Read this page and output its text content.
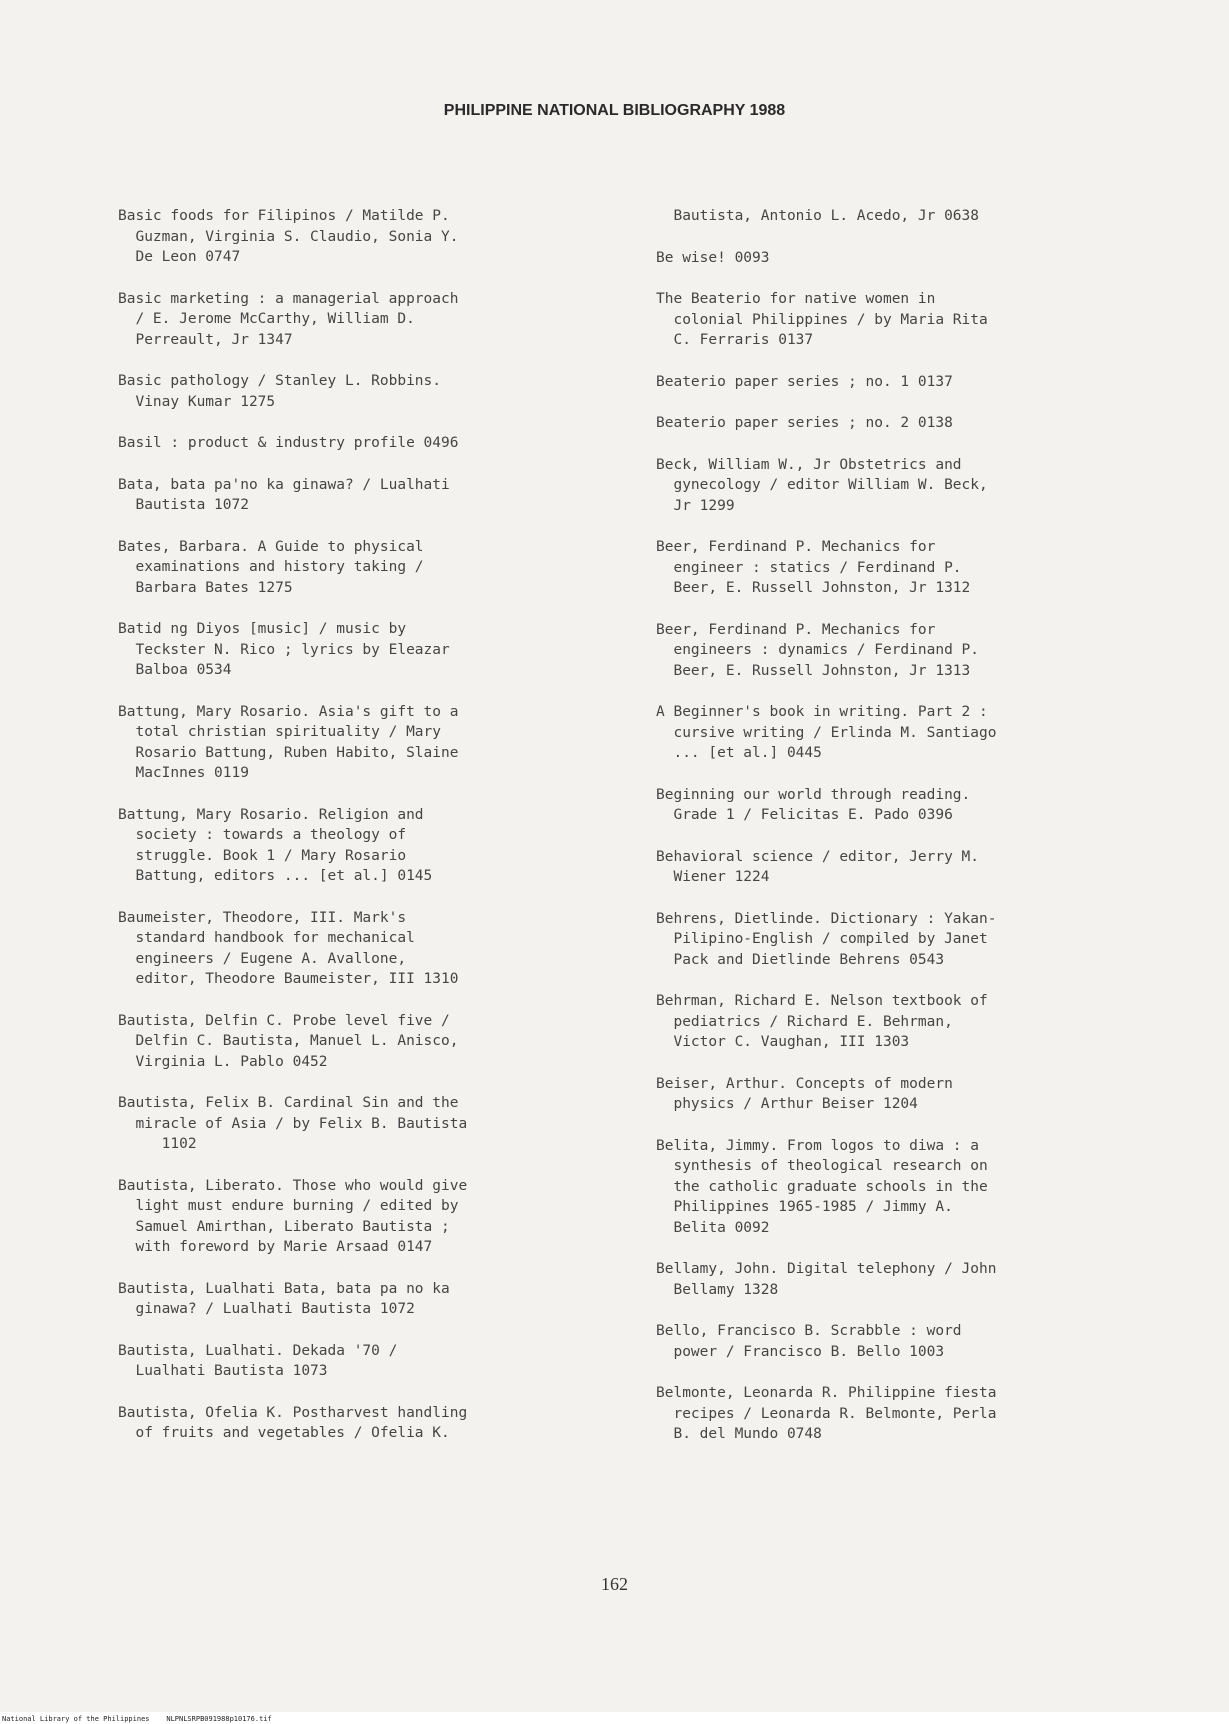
PHILIPPINE NATIONAL BIBLIOGRAPHY 1988
Basic foods for Filipinos / Matilde P.
Guzman, Virginia S. Claudio, Sonia Y.
De Leon 0747
Basic marketing : a managerial approach
/ E. Jerome McCarthy, William D.
Perreault, Jr 1347
Basic pathology / Stanley L. Robbins.
Vinay Kumar 1275
Basil : product & industry profile 0496
Bata, bata pa'no ka ginawa? / Lualhati
Bautista 1072
Bates, Barbara. A Guide to physical
examinations and history taking /
Barbara Bates 1275
Batid ng Diyos [music] / music by
Teckster N. Rico ; lyrics by Eleazar
Balboa 0534
Battung, Mary Rosario. Asia's gift to a
total christian spirituality / Mary
Rosario Battung, Ruben Habito, Slaine
MacInnes 0119
Battung, Mary Rosario. Religion and
society : towards a theology of
struggle. Book 1 / Mary Rosario
Battung, editors ... [et al.] 0145
Baumeister, Theodore, III. Mark's
standard handbook for mechanical
engineers / Eugene A. Avallone,
editor, Theodore Baumeister, III 1310
Bautista, Delfin C. Probe level five /
Delfin C. Bautista, Manuel L. Anisco,
Virginia L. Pablo 0452
Bautista, Felix B. Cardinal Sin and the
miracle of Asia / by Felix B. Bautista
1102
Bautista, Liberato. Those who would give
light must endure burning / edited by
Samuel Amirthan, Liberato Bautista ;
with foreword by Marie Arsaad 0147
Bautista, Lualhati Bata, bata pa no ka
ginawa? / Lualhati Bautista 1072
Bautista, Lualhati. Dekada '70 /
Lualhati Bautista 1073
Bautista, Ofelia K. Postharvest handling
of fruits and vegetables / Ofelia K.
Bautista, Antonio L. Acedo, Jr 0638
Be wise! 0093
The Beaterio for native women in
colonial Philippines / by Maria Rita
C. Ferraris 0137
Beaterio paper series ; no. 1 0137
Beaterio paper series ; no. 2 0138
Beck, William W., Jr Obstetrics and
gynecology / editor William W. Beck,
Jr 1299
Beer, Ferdinand P. Mechanics for
engineer : statics / Ferdinand P.
Beer, E. Russell Johnston, Jr 1312
Beer, Ferdinand P. Mechanics for
engineers : dynamics / Ferdinand P.
Beer, E. Russell Johnston, Jr 1313
A Beginner's book in writing. Part 2 :
cursive writing / Erlinda M. Santiago
... [et al.] 0445
Beginning our world through reading.
Grade 1 / Felicitas E. Pado 0396
Behavioral science / editor, Jerry M.
Wiener 1224
Behrens, Dietlinde. Dictionary : Yakan-
Pilipino-English / compiled by Janet
Pack and Dietlinde Behrens 0543
Behrman, Richard E. Nelson textbook of
pediatrics / Richard E. Behrman,
Victor C. Vaughan, III 1303
Beiser, Arthur. Concepts of modern
physics / Arthur Beiser 1204
Belita, Jimmy. From logos to diwa : a
synthesis of theological research on
the catholic graduate schools in the
Philippines 1965-1985 / Jimmy A.
Belita 0092
Bellamy, John. Digital telephony / John
Bellamy 1328
Bello, Francisco B. Scrabble : word
power / Francisco B. Bello 1003
Belmonte, Leonarda R. Philippine fiesta
recipes / Leonarda R. Belmonte, Perla
B. del Mundo 0748
162
National Library of the Philippines    NLPNLSRPB091988p10176.tif
